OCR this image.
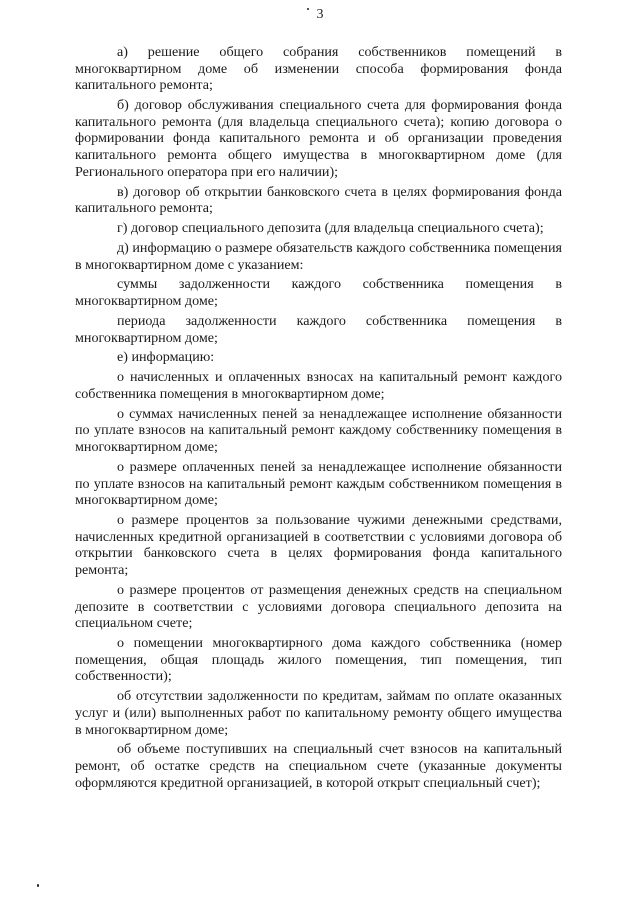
3

а) решение общего собрания собственников помещений в многоквартирном доме об изменении способа формирования фонда капитального ремонта;

б) договор обслуживания специального счета для формирования фонда капитального ремонта (для владельца специального счета); копию договора о формировании фонда капитального ремонта и об организации проведения капитального ремонта общего имущества в многоквартирном доме (для Регионального оператора при его наличии);

в) договор об открытии банковского счета в целях формирования фонда капитального ремонта;

г) договор специального депозита (для владельца специального счета);

д) информацию о размере обязательств каждого собственника помещения в многоквартирном доме с указанием:

суммы задолженности каждого собственника помещения в многоквартирном доме;

периода задолженности каждого собственника помещения в многоквартирном доме;

е) информацию:

о начисленных и оплаченных взносах на капитальный ремонт каждого собственника помещения в многоквартирном доме;

о суммах начисленных пеней за ненадлежащее исполнение обязанности по уплате взносов на капитальный ремонт каждому собственнику помещения в многоквартирном доме;

о размере оплаченных пеней за ненадлежащее исполнение обязанности по уплате взносов на капитальный ремонт каждым собственником помещения в многоквартирном доме;

о размере процентов за пользование чужими денежными средствами, начисленных кредитной организацией в соответствии с условиями договора об открытии банковского счета в целях формирования фонда капитального ремонта;

о размере процентов от размещения денежных средств на специальном депозите в соответствии с условиями договора специального депозита на специальном счете;

о помещении многоквартирного дома каждого собственника (номер помещения, общая площадь жилого помещения, тип помещения, тип собственности);

об отсутствии задолженности по кредитам, займам по оплате оказанных услуг и (или) выполненных работ по капитальному ремонту общего имущества в многоквартирном доме;

об объеме поступивших на специальный счет взносов на капитальный ремонт, об остатке средств на специальном счете (указанные документы оформляются кредитной организацией, в которой открыт специальный счет);
